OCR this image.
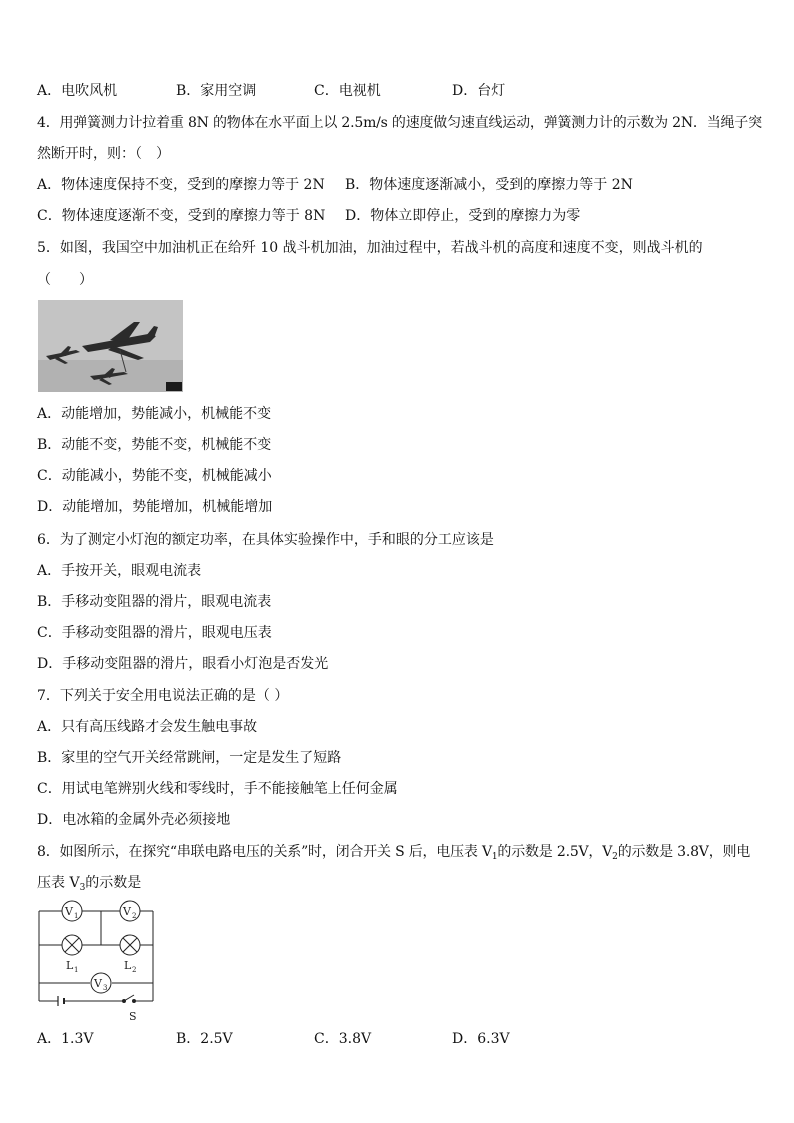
A．电吹风机	B．家用空调	C．电视机	D．台灯
4．用弹簧测力计拉着重 8N 的物体在水平面上以 2.5m/s 的速度做匀速直线运动，弹簧测力计的示数为 2N．当绳子突
然断开时，则：（　）
A．物体速度保持不变，受到的摩擦力等于 2N B．物体速度逐渐减小，受到的摩擦力等于 2N
C．物体速度逐渐不变，受到的摩擦力等于 8N D．物体立即停止，受到的摩擦力为零
5．如图，我国空中加油机正在给歼 10 战斗机加油，加油过程中，若战斗机的高度和速度不变，则战斗机的
（　　）
A．动能增加，势能减小，机械能不变
B．动能不变，势能不变，机械能不变
C．动能减小，势能不变，机械能减小
D．动能增加，势能增加，机械能增加
6．为了测定小灯泡的额定功率，在具体实验操作中，手和眼的分工应该是
A．手按开关，眼观电流表
B．手移动变阻器的滑片，眼观电流表
C．手移动变阻器的滑片，眼观电压表
D．手移动变阻器的滑片，眼看小灯泡是否发光
7．下列关于安全用电说法正确的是（ ）
A．只有高压线路才会发生触电事故
B．家里的空气开关经常跳闸，一定是发生了短路
C．用试电笔辨别火线和零线时，手不能接触笔上任何金属
D．电冰箱的金属外壳必须接地
8．如图所示，在探究“串联电路电压的关系”时，闭合开关 S 后，电压表 $V_1$的示数是 2.5V，$V_2$的示数是 3.8V，则电
压表 $V_3$的示数是
V 1	V 2
L 1	L 2
V 3
S
A．1.3V	B．2.5V	C．3.8V	D．6.3V
